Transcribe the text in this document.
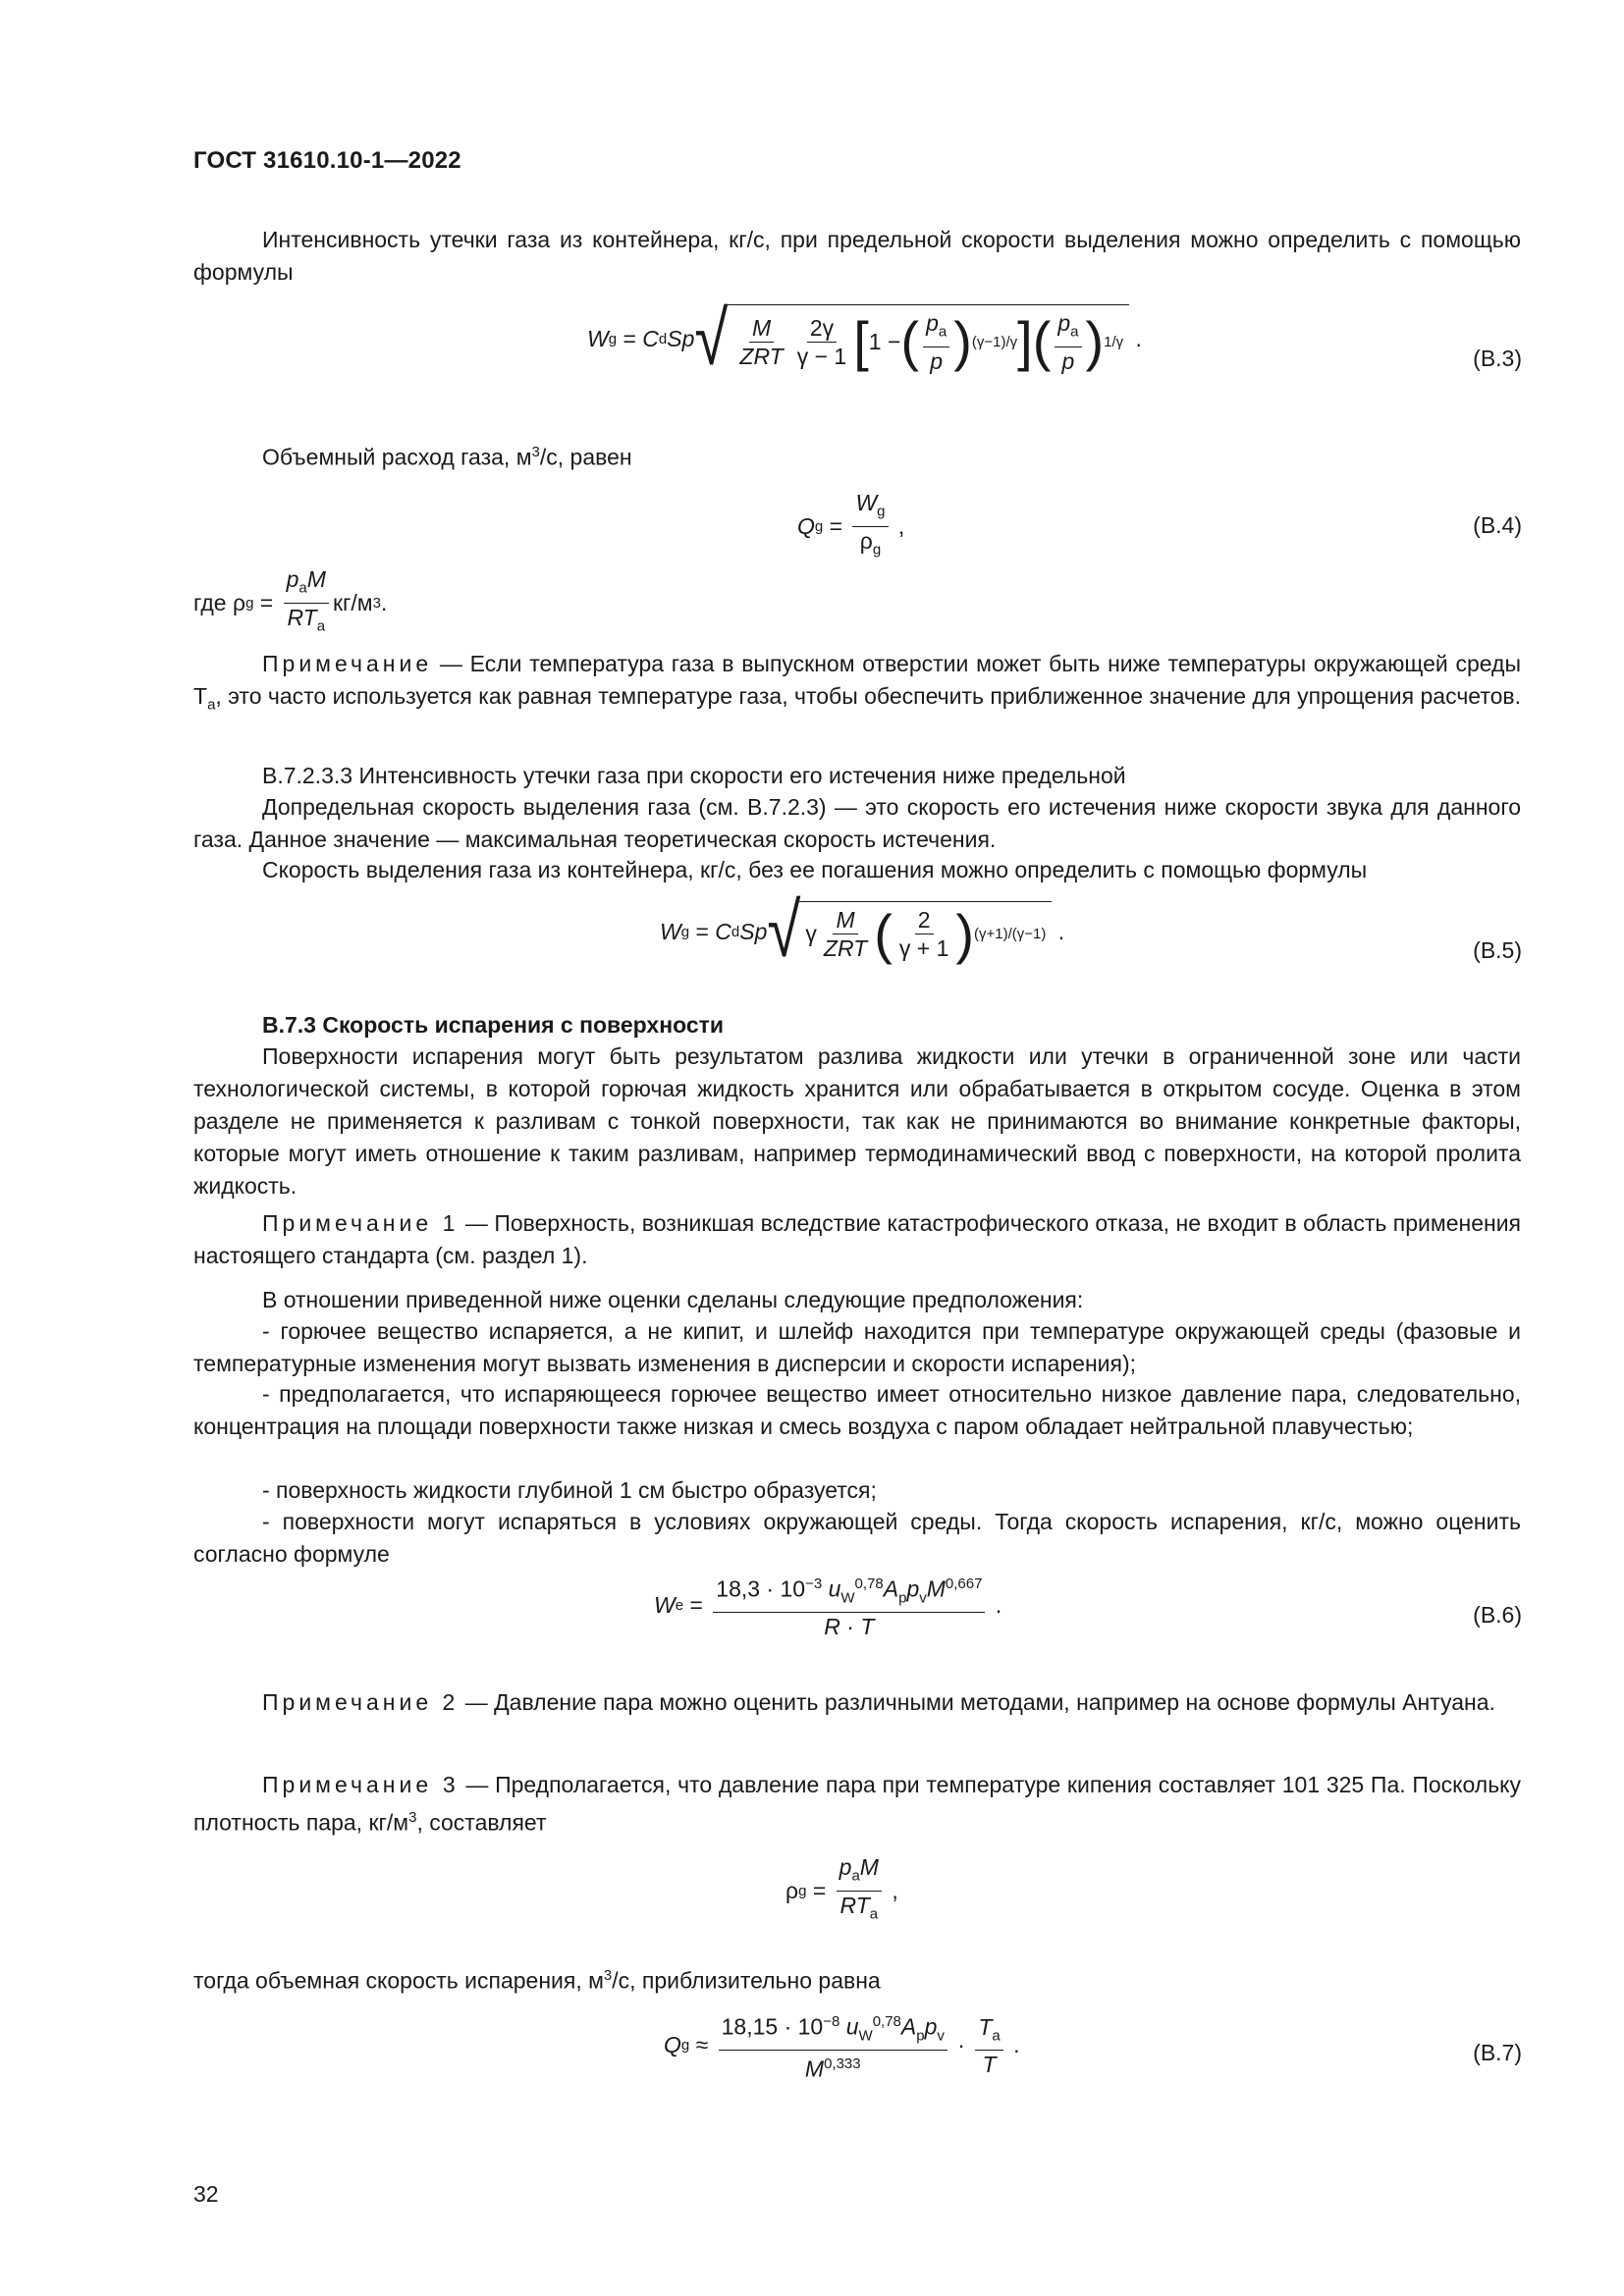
ГОСТ 31610.10-1—2022
Интенсивность утечки газа из контейнера, кг/с, при предельной скорости выделения можно определить с помощью формулы
W g = C d Sp √ $\frac{M}{\text{ZRT}} \frac{2\gamma}{\gamma - 1}$ [ 1 − ( $\frac{p_a}{p}$ ) (γ−1)/γ ] ( $\frac{p_a}{p}$ ) 1/γ .
(В.3)
Объемный расход газа, $м^3/с$, равен
Q $g = \frac{W_g}{\rho_g}$ ,	(В.4)
где ρ $g = \frac{p_aM}{RT_a} кг/м$ 3 .
Примечание — Если температура газа в выпускном отверстии может быть ниже температуры окружающей среды $T_a$, это часто используется как равная температуре газа, чтобы обеспечить приближенное значение для упрощения расчетов.
В.7.2.3.3 Интенсивность утечки газа при скорости его истечения ниже предельной
Допредельная скорость выделения газа (см. В.7.2.3) — это скорость его истечения ниже скорости звука для данного газа. Данное значение — максимальная теоретическая скорость истечения.
Скорость выделения газа из контейнера, кг/с, без ее погашения можно определить с помощью формулы
W g = C d Sp √ γ $\frac{M}{\text{ZRT}}$ ( $\frac{2}{\gamma + 1}$ ) (γ+1)/(γ−1) .
(В.5)
В.7.3 Скорость испарения с поверхности
Поверхности испарения могут быть результатом разлива жидкости или утечки в ограниченной зоне или части технологической системы, в которой горючая жидкость хранится или обрабатывается в открытом сосуде. Оценка в этом разделе не применяется к разливам с тонкой поверхности, так как не принимаются во внимание конкретные факторы, которые могут иметь отношение к таким разливам, например термодинамический ввод с поверхности, на которой пролита жидкость.
Примечание 1 — Поверхность, возникшая вследствие катастрофического отказа, не входит в область применения настоящего стандарта (см. раздел 1).
В отношении приведенной ниже оценки сделаны следующие предположения:
- горючее вещество испаряется, а не кипит, и шлейф находится при температуре окружающей среды (фазовые и температурные изменения могут вызвать изменения в дисперсии и скорости испарения);
- предполагается, что испаряющееся горючее вещество имеет относительно низкое давление пара, следовательно, концентрация на площади поверхности также низкая и смесь воздуха с паром обладает нейтральной плавучестью;
- поверхность жидкости глубиной 1 см быстро образуется;
- поверхности могут испаряться в условиях окружающей среды. Тогда скорость испарения, кг/с, можно оценить согласно формуле
W $e = \frac{18,3 \cdot 10^{-3} u_W^{0,78}A_pp_vM^{0,667}}{R \cdot T}$ .	(В.6)
Примечание 2 — Давление пара можно оценить различными методами, например на основе формулы Антуана.
Примечание 3 — Предполагается, что давление пара при температуре кипения составляет 101 325 Па. Поскольку плотность пара, $кг/м^3$, составляет
ρ $g = \frac{p_aM}{RT_a}$ ,
тогда объемная скорость испарения, $м^3/с$, приблизительно равна
Q $g \approx \frac{18,15 \cdot 10^{-8} u_W^{0,78}A_pp_v}{M^{0,333}} \cdot \frac{T_a}{T}$ .	(В.7)
32
